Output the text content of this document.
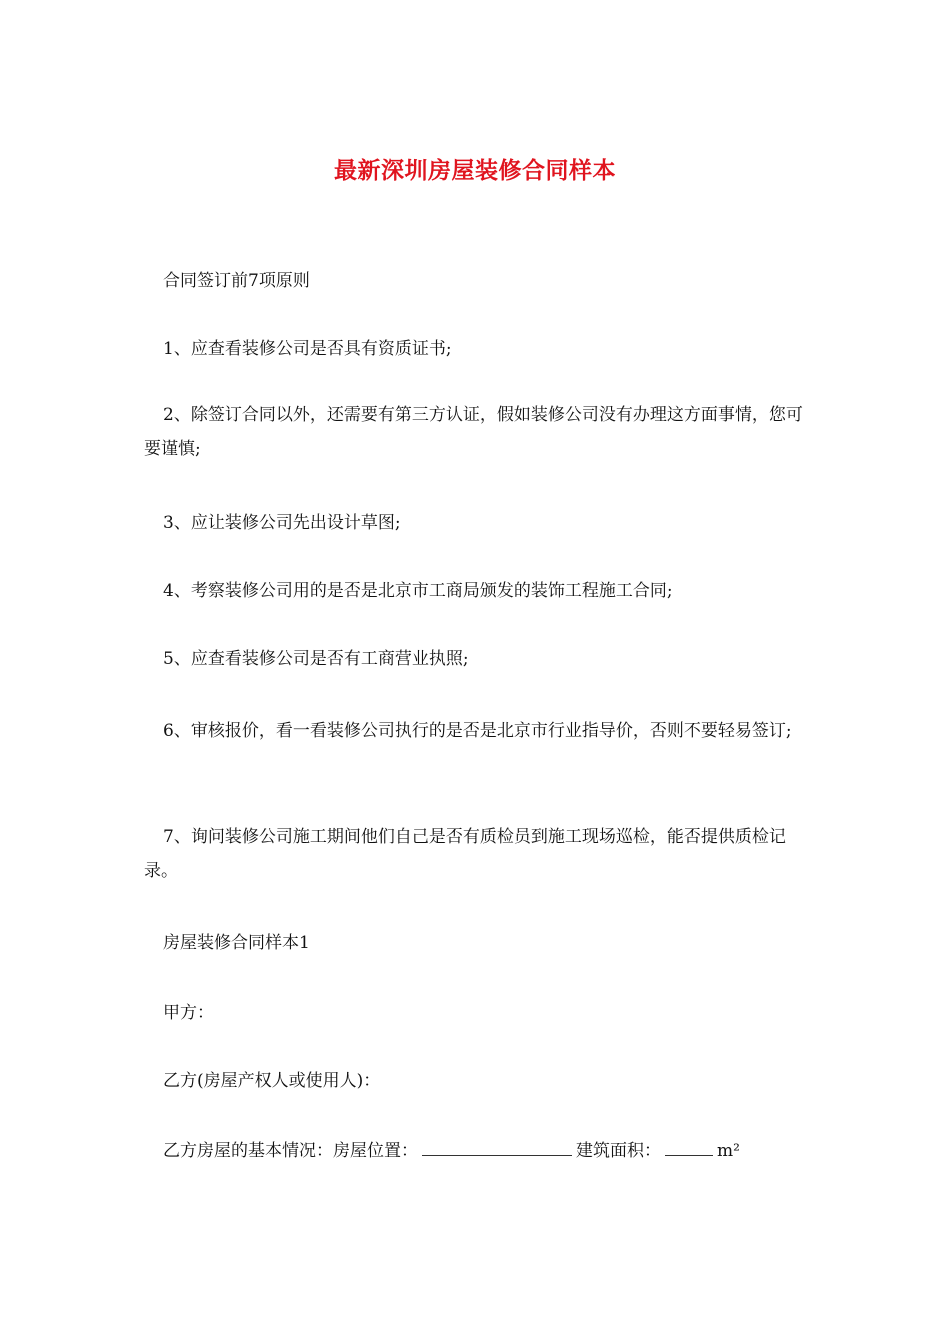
最新深圳房屋装修合同样本

合同签订前7项原则

1、应查看装修公司是否具有资质证书;

2、除签订合同以外，还需要有第三方认证，假如装修公司没有办理这方面事情，您可要谨慎;

3、应让装修公司先出设计草图;

4、考察装修公司用的是否是北京市工商局颁发的装饰工程施工合同;

5、应查看装修公司是否有工商营业执照;

6、审核报价，看一看装修公司执行的是否是北京市行业指导价，否则不要轻易签订;

7、询问装修公司施工期间他们自己是否有质检员到施工现场巡检，能否提供质检记录。

房屋装修合同样本1

甲方：

乙方(房屋产权人或使用人)：

乙方房屋的基本情况：房屋位置：	建筑面积：	m²
